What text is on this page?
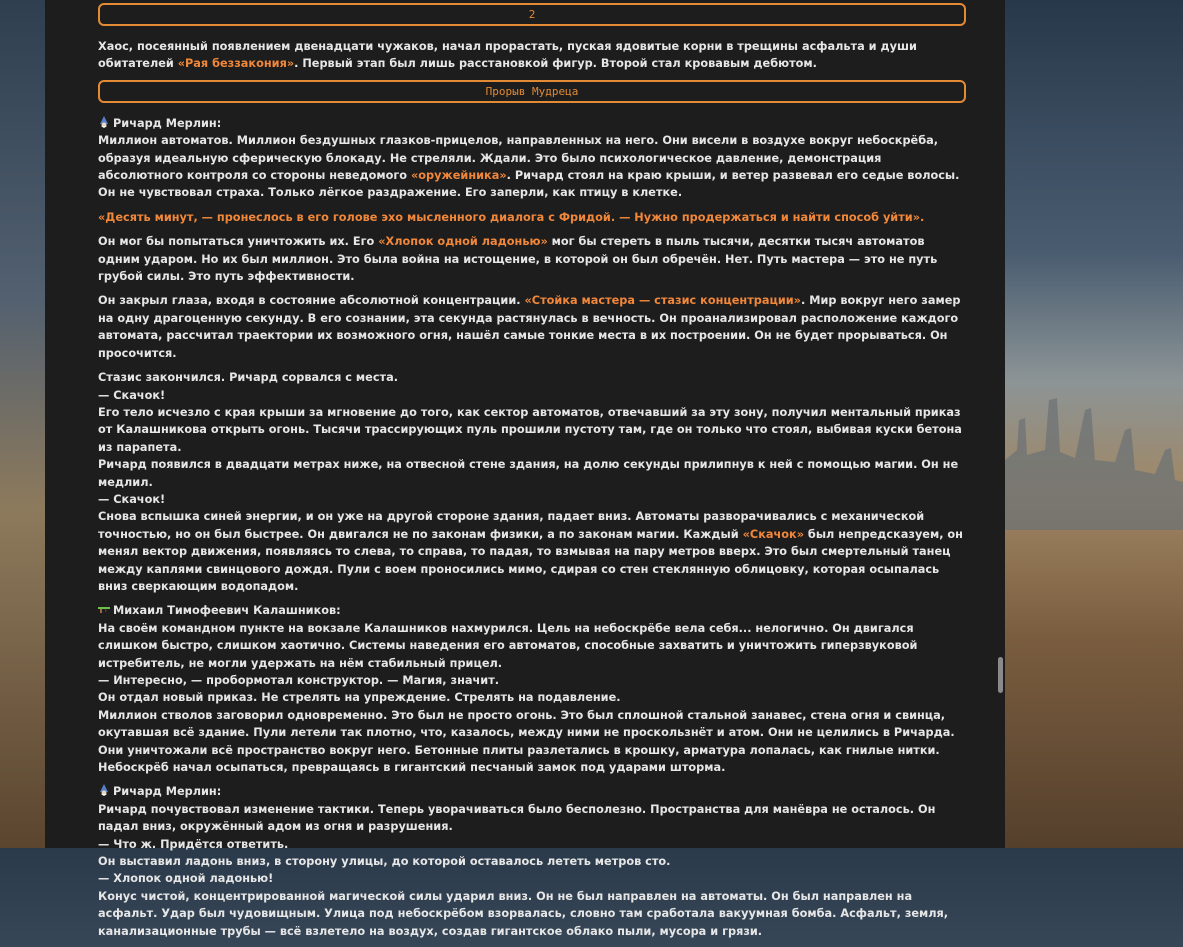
2

Хаос, посеянный появлением двенадцати чужаков, начал прорастать, пуская ядовитые корни в трещины асфальта и души обитателей «Рая беззакония». Первый этап был лишь расстановкой фигур. Второй стал кровавым дебютом.

Прорыв Мудреца
Ричард Мерлин:

Миллион автоматов. Миллион бездушных глазков-прицелов, направленных на него. Они висели в воздухе вокруг небоскрёба, образуя идеальную сферическую блокаду. Не стреляли. Ждали. Это было психологическое давление, демонстрация абсолютного контроля со стороны неведомого «оружейника». Ричард стоял на краю крыши, и ветер развевал его седые волосы. Он не чувствовал страха. Только лёгкое раздражение. Его заперли, как птицу в клетке.

«Десять минут, — пронеслось в его голове эхо мысленного диалога с Фридой. — Нужно продержаться и найти способ уйти».

Он мог бы попытаться уничтожить их. Его «Хлопок одной ладонью» мог бы стереть в пыль тысячи, десятки тысяч автоматов одним ударом. Но их был миллион. Это была война на истощение, в которой он был обречён. Нет. Путь мастера — это не путь грубой силы. Это путь эффективности.

Он закрыл глаза, входя в состояние абсолютной концентрации. «Стойка мастера — стазис концентрации». Мир вокруг него замер на одну драгоценную секунду. В его сознании, эта секунда растянулась в вечность. Он проанализировал расположение каждого автомата, рассчитал траектории их возможного огня, нашёл самые тонкие места в их построении. Он не будет прорываться. Он просочится.

Стазис закончился. Ричард сорвался с места.
— Скачок!
Его тело исчезло с края крыши за мгновение до того, как сектор автоматов, отвечавший за эту зону, получил ментальный приказ от Калашникова открыть огонь. Тысячи трассирующих пуль прошили пустоту там, где он только что стоял, выбивая куски бетона из парапета.
Ричард появился в двадцати метрах ниже, на отвесной стене здания, на долю секунды прилипнув к ней с помощью магии. Он не медлил.
— Скачок!
Снова вспышка синей энергии, и он уже на другой стороне здания, падает вниз. Автоматы разворачивались с механической точностью, но он был быстрее. Он двигался не по законам физики, а по законам магии. Каждый «Скачок» был непредсказуем, он менял вектор движения, появляясь то слева, то справа, то падая, то взмывая на пару метров вверх. Это был смертельный танец между каплями свинцового дождя. Пули с воем проносились мимо, сдирая со стен стеклянную облицовку, которая осыпалась вниз сверкающим водопадом.
Михаил Тимофеевич Калашников:
На своём командном пункте на вокзале Калашников нахмурился. Цель на небоскрёбе вела себя... нелогично. Он двигался слишком быстро, слишком хаотично. Системы наведения его автоматов, способные захватить и уничтожить гиперзвуковой истребитель, не могли удержать на нём стабильный прицел.
— Интересно, — пробормотал конструктор. — Магия, значит.
Он отдал новый приказ. Не стрелять на упреждение. Стрелять на подавление.
Миллион стволов заговорил одновременно. Это был не просто огонь. Это был сплошной стальной занавес, стена огня и свинца, окутавшая всё здание. Пули летели так плотно, что, казалось, между ними не проскользнёт и атом. Они не целились в Ричарда. Они уничтожали всё пространство вокруг него. Бетонные плиты разлетались в крошку, арматура лопалась, как гнилые нитки. Небоскрёб начал осыпаться, превращаясь в гигантский песчаный замок под ударами шторма.
Ричард Мерлин:
Ричард почувствовал изменение тактики. Теперь уворачиваться было бесполезно. Пространства для манёвра не осталось. Он падал вниз, окружённый адом из огня и разрушения.
— Что ж. Придётся ответить.
Он выставил ладонь вниз, в сторону улицы, до которой оставалось лететь метров сто.
— Хлопок одной ладонью!
Конус чистой, концентрированной магической силы ударил вниз. Он не был направлен на автоматы. Он был направлен на асфальт. Удар был чудовищным. Улица под небоскрёбом взорвалась, словно там сработала вакуумная бомба. Асфальт, земля, канализационные трубы — всё взлетело на воздух, создав гигантское облако пыли, мусора и грязи.
